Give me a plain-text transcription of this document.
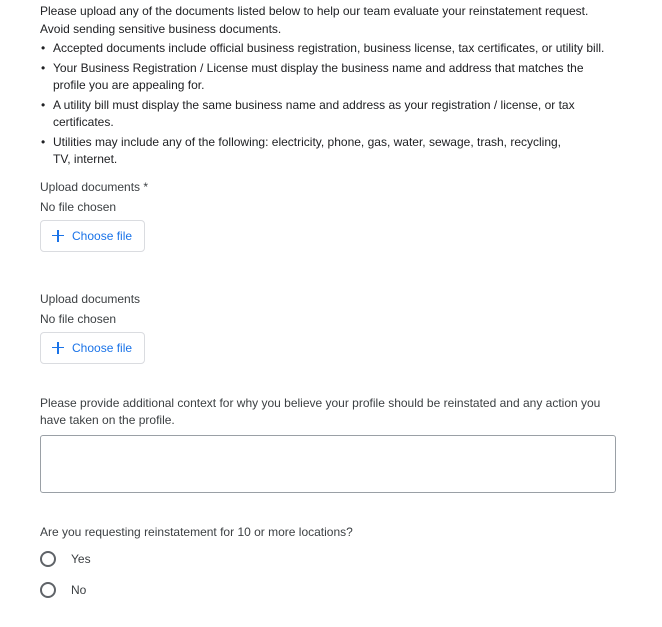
Please upload any of the documents listed below to help our team evaluate your reinstatement request. Avoid sending sensitive business documents.

• Accepted documents include official business registration, business license, tax certificates, or utility bill.
• Your Business Registration / License must display the business name and address that matches the profile you are appealing for.
• A utility bill must display the same business name and address as your registration / license, or tax certificates.
• Utilities may include any of the following: electricity, phone, gas, water, sewage, trash, recycling, TV, internet.
Upload documents *
No file chosen
Choose file
Upload documents
No file chosen
Choose file
Please provide additional context for why you believe your profile should be reinstated and any action you have taken on the profile.
Are you requesting reinstatement for 10 or more locations?
Yes
No
